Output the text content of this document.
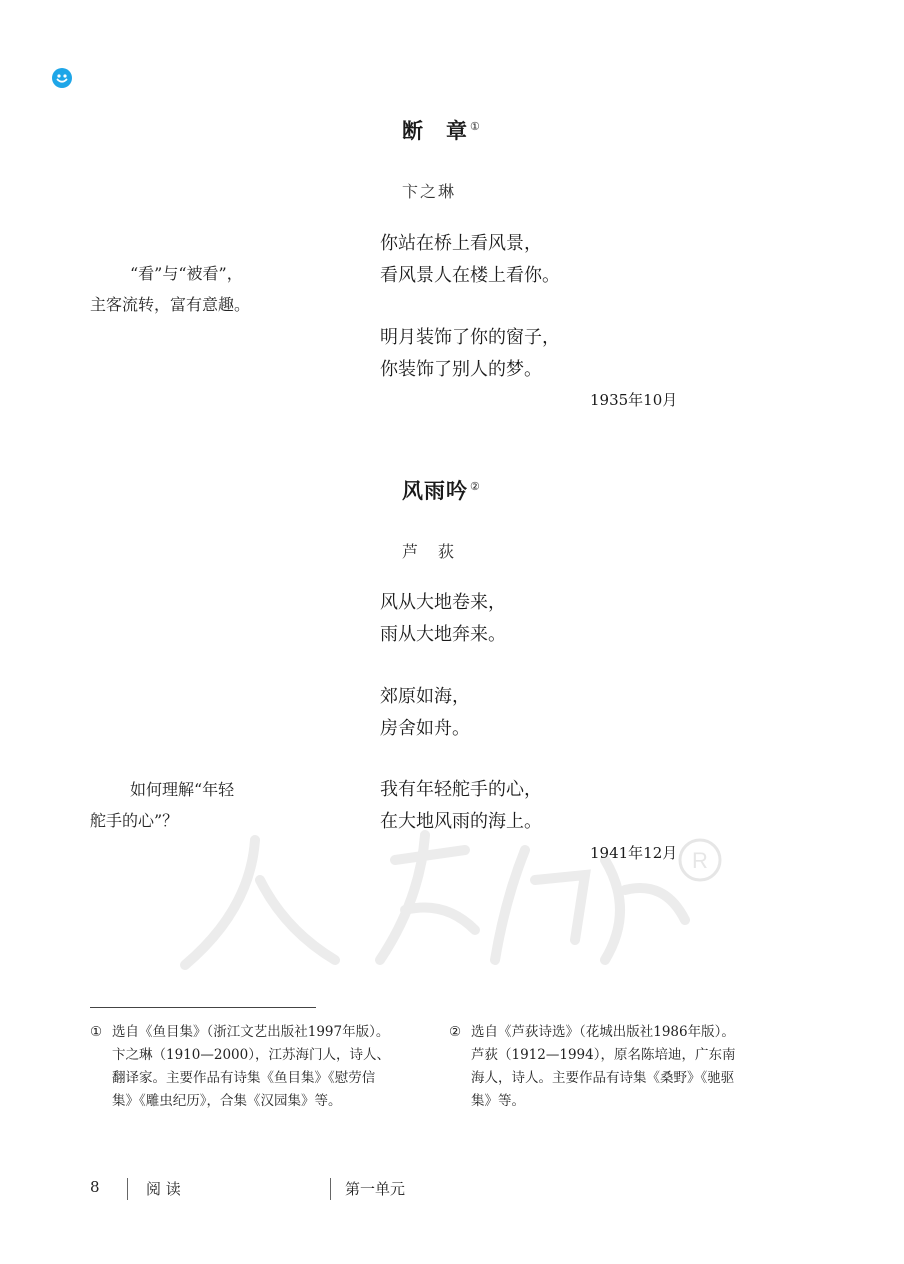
R
断　章 ①
卞之琳
你站在桥上看风景，
看风景人在楼上看你。
明月装饰了你的窗子，
你装饰了别人的梦。
1935年10月
“看”与“被看”，
主客流转，富有意趣。
风雨吟 ②
芦　荻
风从大地卷来，
雨从大地奔来。
郊原如海，
房舍如舟。
我有年轻舵手的心，
在大地风雨的海上。
1941年12月
如何理解“年轻
舵手的心”？
① 选自《鱼目集》（浙江文艺出版社1997年版）。
卞之琳（1910—2000），江苏海门人，诗人、
翻译家。主要作品有诗集《鱼目集》《慰劳信
集》《雕虫纪历》，合集《汉园集》等。
② 选自《芦荻诗选》（花城出版社1986年版）。
芦荻（1912—1994），原名陈培迪，广东南
海人，诗人。主要作品有诗集《桑野》《驰驱
集》等。
8	阅 读	第一单元
